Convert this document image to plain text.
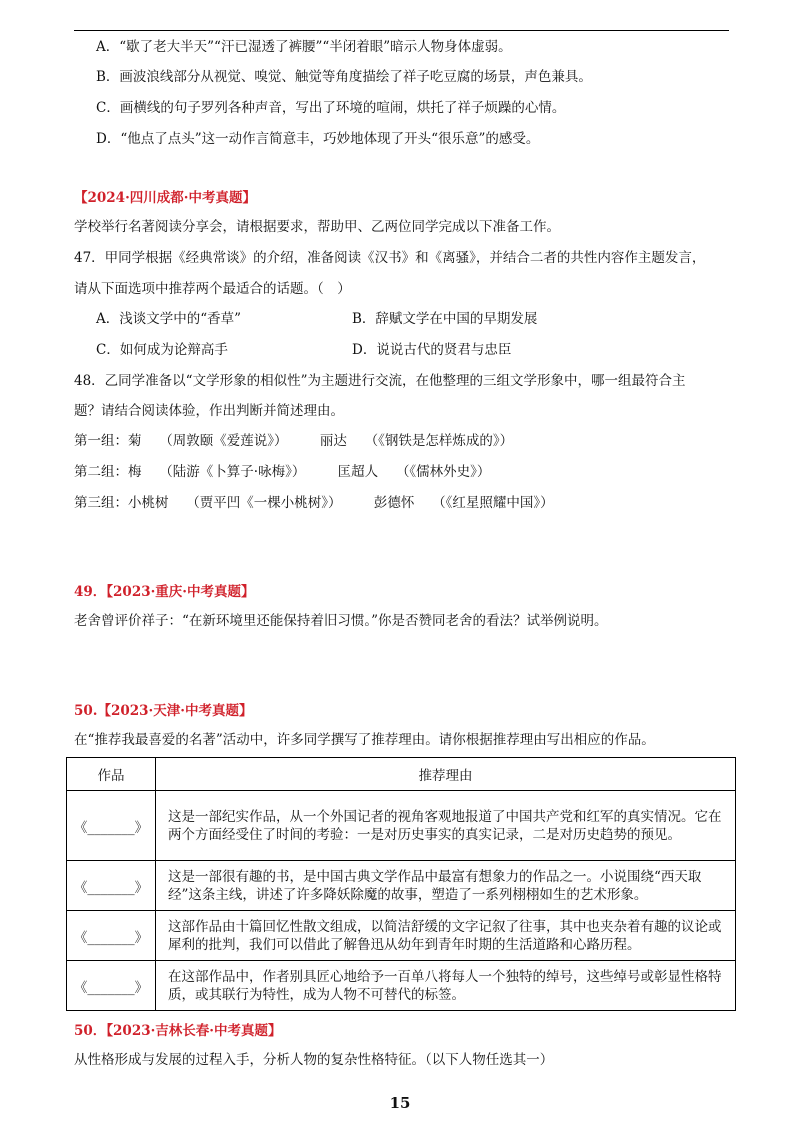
A．“歇了老大半天”“汗已湿透了裤腰”“半闭着眼”暗示人物身体虚弱。
B．画波浪线部分从视觉、嗅觉、触觉等角度描绘了祥子吃豆腐的场景，声色兼具。
C．画横线的句子罗列各种声音，写出了环境的喧闹，烘托了祥子烦躁的心情。
D．“他点了点头”这一动作言简意丰，巧妙地体现了开头“很乐意”的感受。
【2024·四川成都·中考真题】
学校举行名著阅读分享会，请根据要求，帮助甲、乙两位同学完成以下准备工作。
47．甲同学根据《经典常谈》的介绍，准备阅读《汉书》和《离骚》，并结合二者的共性内容作主题发言，
请从下面选项中推荐两个最适合的话题。（　）
A．浅谈文学中的“香草”	B．辞赋文学在中国的早期发展
C．如何成为论辩高手	D．说说古代的贤君与忠臣
48．乙同学准备以“文学形象的相似性”为主题进行交流，在他整理的三组文学形象中，哪一组最符合主
题？请结合阅读体验，作出判断并简述理由。
第一组：菊　 （周敦颐《爱莲说》） 丽达　 （《钢铁是怎样炼成的》）
第二组：梅　 （陆游《卜算子·咏梅》） 匡超人　 （《儒林外史》）
第三组：小桃树　 （贾平凹《一棵小桃树》） 彭德怀　 （《红星照耀中国》）
49．【2023·重庆·中考真题】
老舍曾评价祥子：“在新环境里还能保持着旧习惯。”你是否赞同老舍的看法？试举例说明。
50.【2023·天津·中考真题】
在“推荐我最喜爱的名著”活动中，许多同学撰写了推荐理由。请你根据推荐理由写出相应的作品。
作品	推荐理由
《_______》	这是一部纪实作品，从一个外国记者的视角客观地报道了中国共产党和红军的真实情况。它在两个方面经受住了时间的考验：一是对历史事实的真实记录，二是对历史趋势的预见。
《_______》	这是一部很有趣的书，是中国古典文学作品中最富有想象力的作品之一。小说围绕“西天取经”这条主线，讲述了许多降妖除魔的故事，塑造了一系列栩栩如生的艺术形象。
《_______》	这部作品由十篇回忆性散文组成，以简洁舒缓的文字记叙了往事，其中也夹杂着有趣的议论或犀利的批判，我们可以借此了解鲁迅从幼年到青年时期的生活道路和心路历程。
《_______》	在这部作品中，作者别具匠心地给予一百单八将每人一个独特的绰号，这些绰号或彰显性格特质，或其联行为特性，成为人物不可替代的标签。
50．【2023·吉林长春·中考真题】
从性格形成与发展的过程入手，分析人物的复杂性格特征。（以下人物任选其一）
15
